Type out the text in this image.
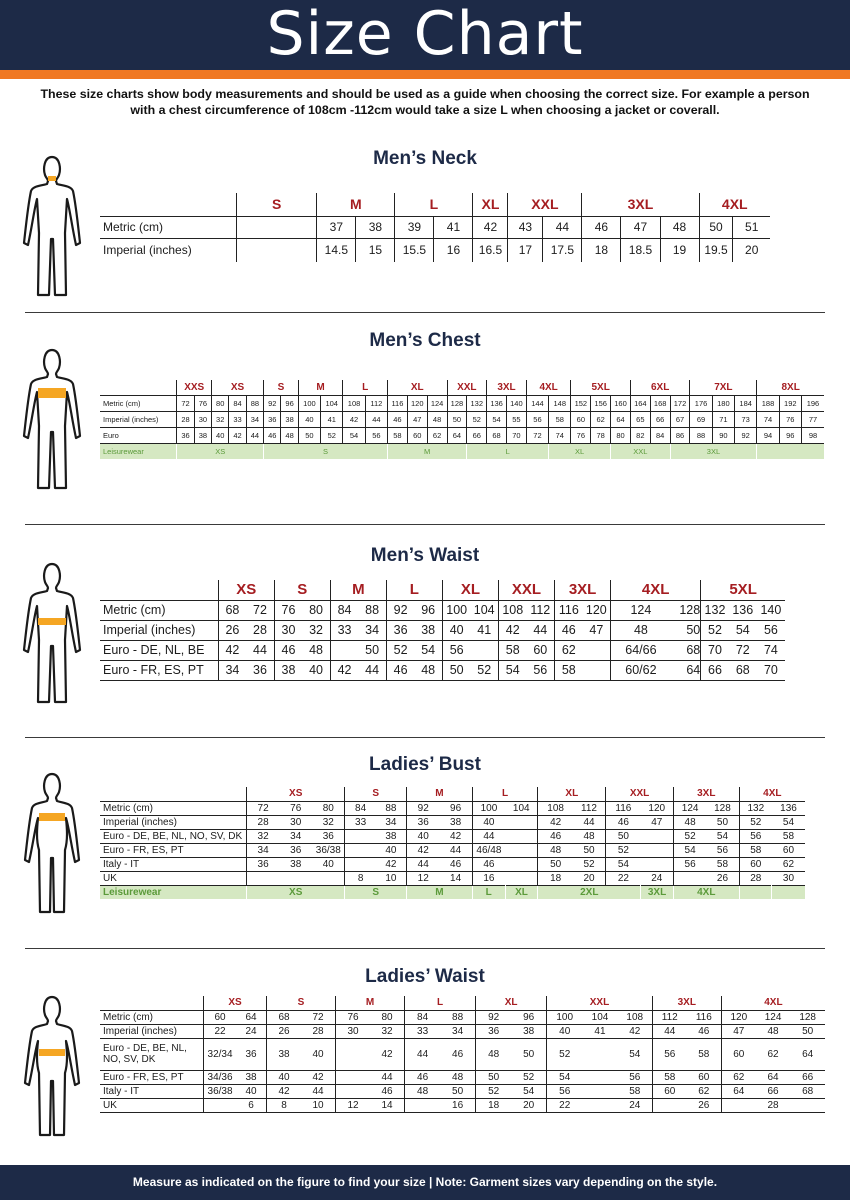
Size Chart
These size charts show body measurements and should be used as a guide when choosing the correct size. For example a person with a chest circumference of 108cm -112cm would take a size L when choosing a jacket or coverall.
Men’s Neck
	S	M		L		XL	XXL		3XL			4XL	
Metric (cm)		37	38	39	41	42	43	44	46	47	48	50	51
Imperial (inches)		14.5	15	15.5	16	16.5	17	17.5	18	18.5	19	19.5	20
Men’s Chest
	XXS		XS			S		M		L		XL			XXL		3XL		4XL		5XL			6XL			7XL			8XL		
Metric (cm)	72	76	80	84	88	92	96	100	104	108	112	116	120	124	128	132	136	140	144	148	152	156	160	164	168	172	176	180	184	188	192	196
Imperial (inches)	28	30	32	33	34	36	38	40	41	42	44	46	47	48	50	52	54	55	56	58	60	62	64	65	66	67	69	71	73	74	76	77
Euro	36	38	40	42	44	46	48	50	52	54	56	58	60	62	64	66	68	70	72	74	76	78	80	82	84	86	88	90	92	94	96	98
Leisurewear	XS					S						M				L				XL			XXL			3XL						
Men’s Waist
	XS		S		M		L		XL		XXL		3XL		4XL		5XL		
Metric (cm)	68	72	76	80	84	88	92	96	100	104	108	112	116	120	124	128	132	136	140
Imperial (inches)	26	28	30	32	33	34	36	38	40	41	42	44	46	47	48	50	52	54	56
Euro - DE, NL, BE	42	44	46	48		50	52	54	56		58	60	62		64/66	68	70	72	74
Euro - FR, ES, PT	34	36	38	40	42	44	46	48	50	52	54	56	58		60/62	64	66	68	70
Ladies’ Bust
	XS			S		M		L		XL		XXL		3XL		4XL	
Metric (cm)	72	76	80	84	88	92	96	100	104	108	112	116	120	124	128	132	136
Imperial (inches)	28	30	32	33	34	36	38	40		42	44	46	47	48	50	52	54
Euro - DE, BE, NL, NO, SV, DK	32	34	36		38	40	42	44		46	48	50		52	54	56	58
Euro - FR, ES, PT	34	36	36/38		40	42	44	46/48		48	50	52		54	56	58	60
Italy - IT	36	38	40		42	44	46	46		50	52	54		56	58	60	62
UK				8	10	12	14	16		18	20	22	24		26	28	30
Leisurewear	XS			S		M		L	XL	2XL			3XL	4XL			
Ladies’ Waist
	XS		S		M		L		XL		XXL			3XL		4XL		
Metric (cm)	60	64	68	72	76	80	84	88	92	96	100	104	108	112	116	120	124	128
Imperial (inches)	22	24	26	28	30	32	33	34	36	38	40	41	42	44	46	47	48	50
Euro - DE, BE, NL, NO, SV, DK	32/34	36	38	40		42	44	46	48	50	52		54	56	58	60	62	64
Euro - FR, ES, PT	34/36	38	40	42		44	46	48	50	52	54		56	58	60	62	64	66
Italy - IT	36/38	40	42	44		46	48	50	52	54	56		58	60	62	64	66	68
UK		6	8	10	12	14		16	18	20	22		24		26		28	
Measure as indicated on the figure to find your size | Note: Garment sizes vary depending on the style.
